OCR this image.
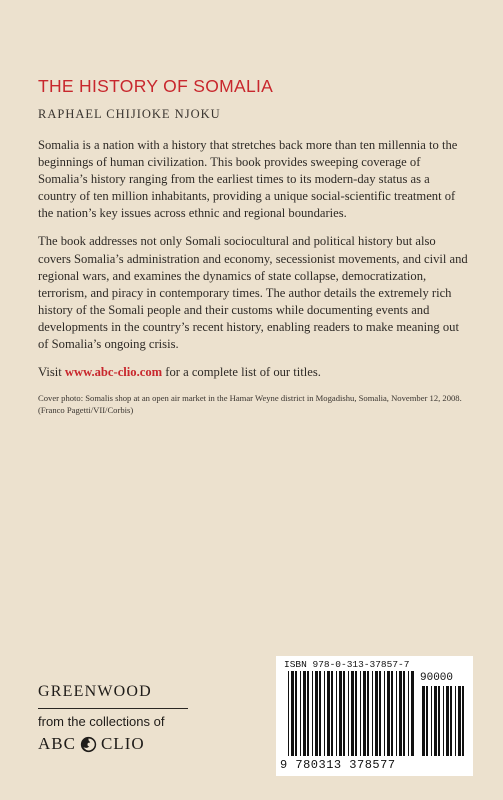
THE HISTORY OF SOMALIA

RAPHAEL CHIJIOKE NJOKU

Somalia is a nation with a history that stretches back more than ten millennia to the beginnings of human civilization. This book provides sweeping coverage of Somalia’s history ranging from the earliest times to its modern-day status as a country of ten million inhabitants, providing a unique social-scientific treatment of the nation’s key issues across ethnic and regional boundaries.

The book addresses not only Somali sociocultural and political history but also covers Somalia’s administration and economy, secessionist movements, and civil and regional wars, and examines the dynamics of state collapse, democratization, terrorism, and piracy in contemporary times. The author details the extremely rich history of the Somali people and their customs while documenting events and developments in the country’s recent history, enabling readers to make meaning out of Somalia’s ongoing crisis.

Visit www.abc-clio.com for a complete list of our titles.

Cover photo: Somalis shop at an open air market in the Hamar Weyne district in Mogadishu, Somalia, November 12, 2008. (Franco Pagetti/VII/Corbis)

GREENWOOD
from the collections of
ABC CLIO
ISBN 978-0-313-37857-7
90000
9 780313 378577
